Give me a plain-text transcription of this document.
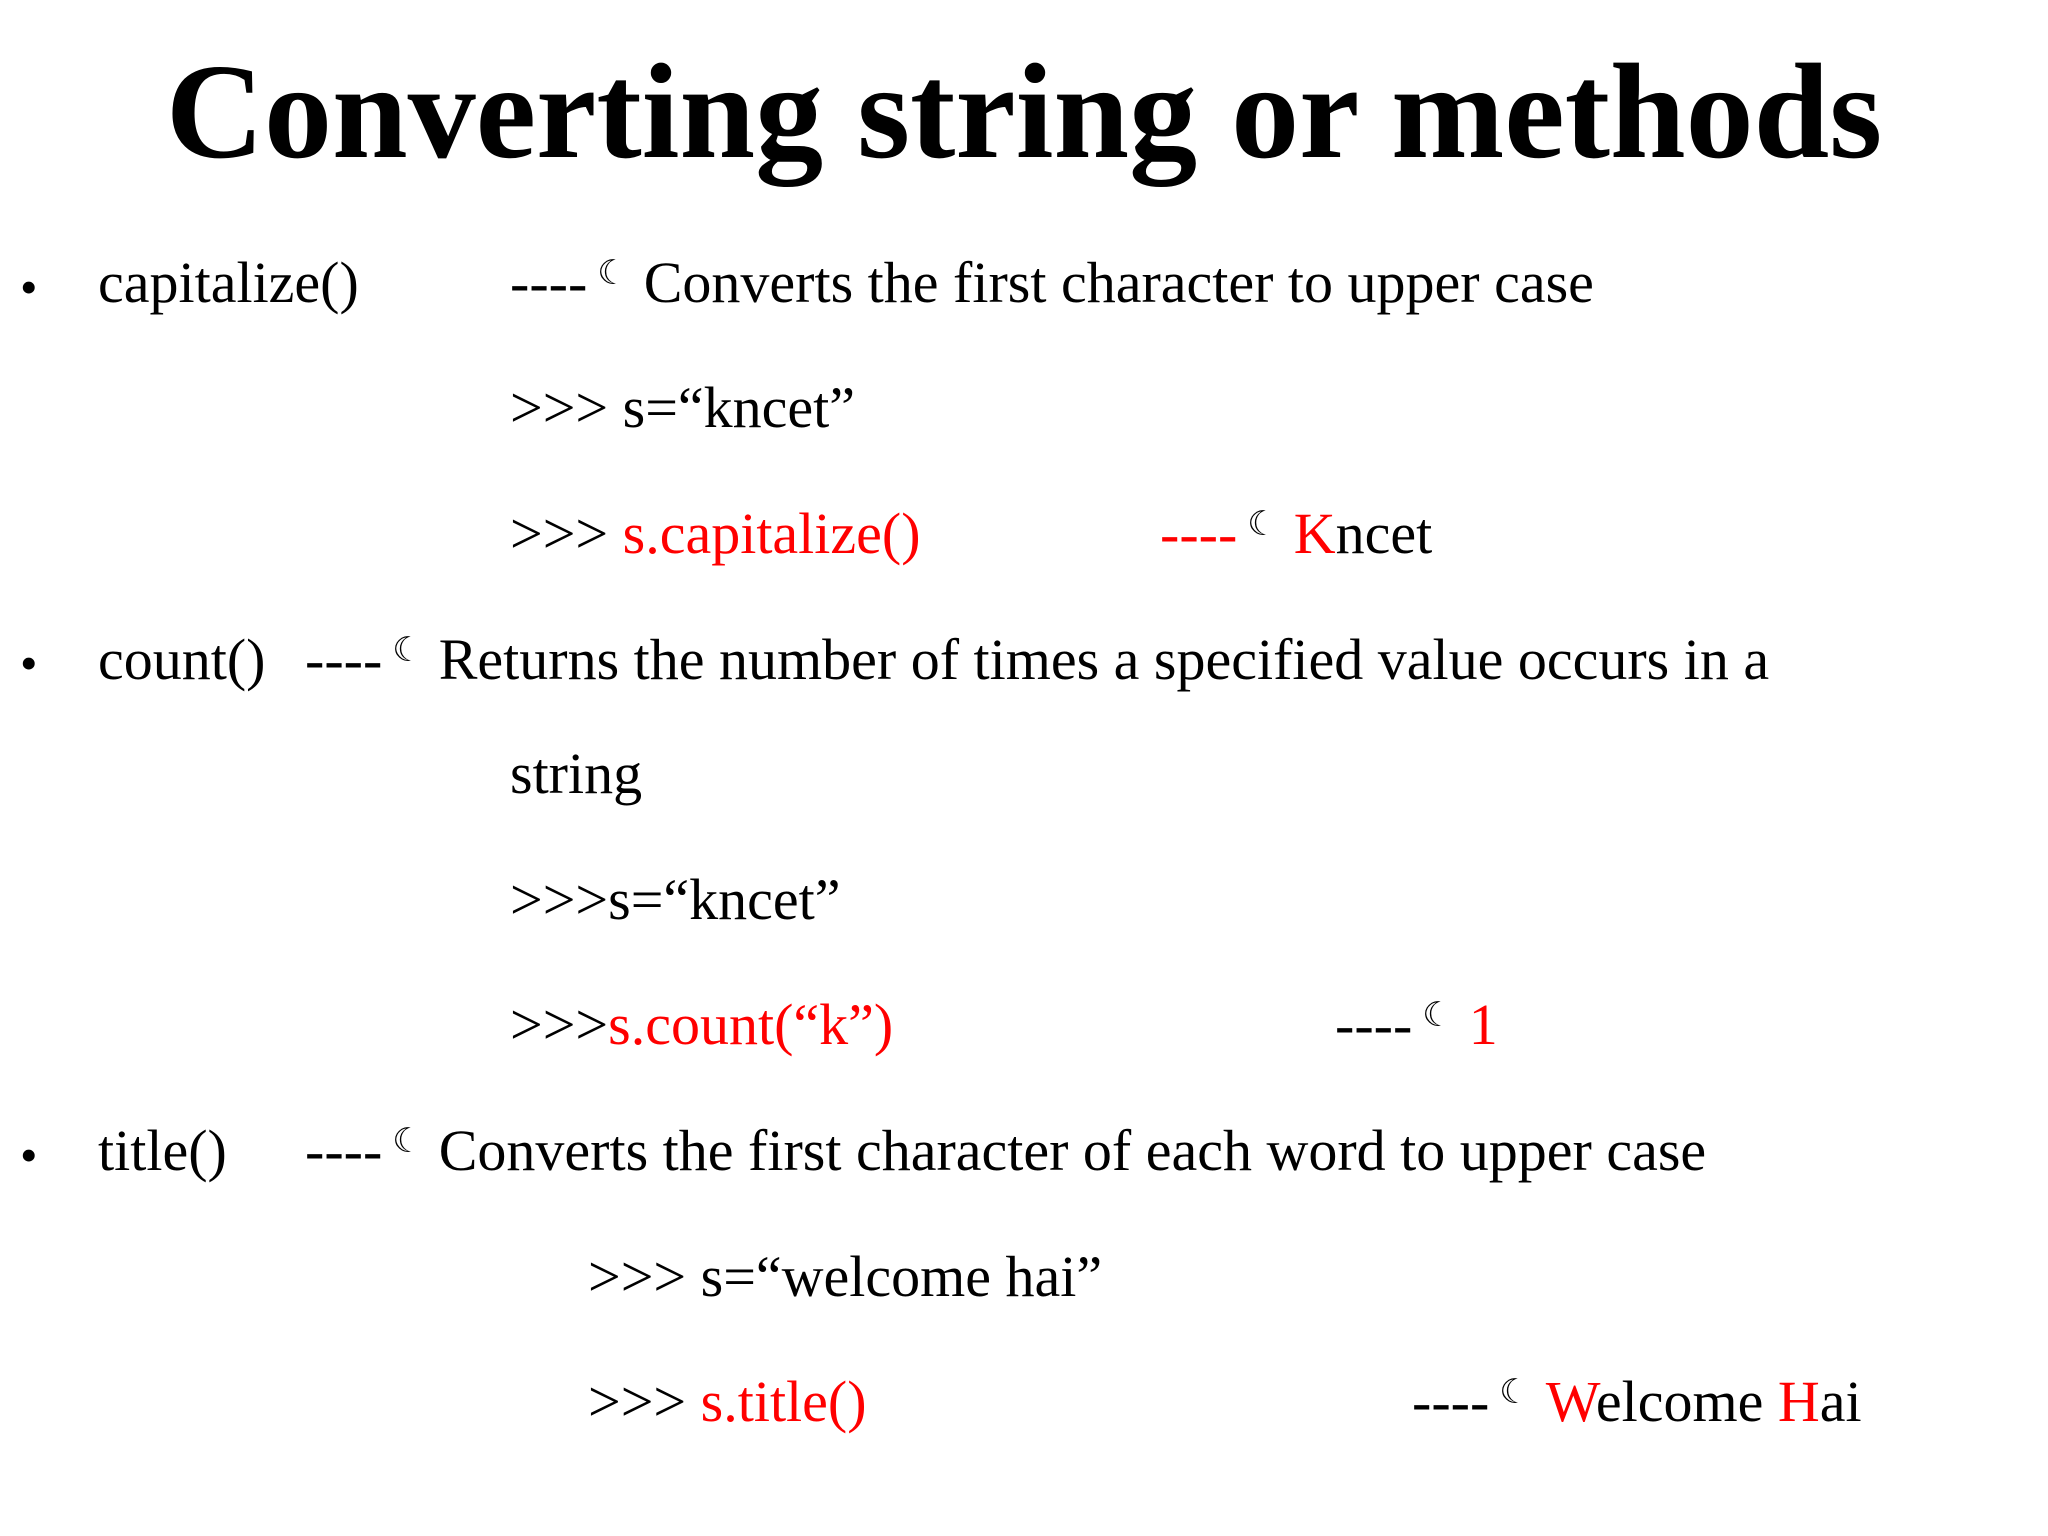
Converting string or methods
• capitalize()	---- ☾ Converts the first character to upper case
>>> s=“kncet”
>>> s.capitalize()	---- ☾ Kncet
• count() ---- ☾ Returns the number of times a specified value occurs in a
string
>>>s=“kncet”
>>>s.count(“k”)	---- ☾ 1
• title() ---- ☾ Converts the first character of each word to upper case
>>> s=“welcome hai”
>>> s.title()	---- ☾ Welcome Hai
